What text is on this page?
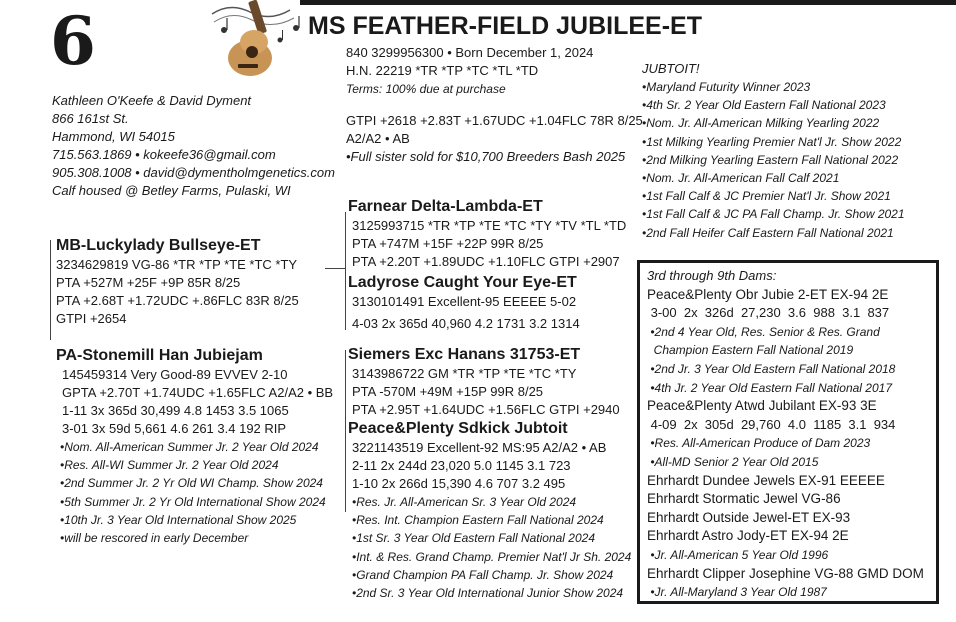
6	MS FEATHER-FIELD JUBILEE-ET
840 3299956300 • Born December 1, 2024
H.N. 22219 *TR *TP *TC *TL *TD
Terms: 100% due at purchase
GTPI +2618 +2.83T +1.67UDC +1.04FLC 78R 8/25
A2/A2 • AB
•Full sister sold for $10,700 Breeders Bash 2025
Kathleen O'Keefe & David Dyment
866 161st St.
Hammond, WI 54015
715.563.1869 • kokeefe36@gmail.com
905.308.1008 • david@dymentholmgenetics.com
Calf housed @ Betley Farms, Pulaski, WI
MB-Luckylady Bullseye-ET
3234629819 VG-86 *TR *TP *TE *TC *TY
PTA +527M +25F +9P 85R 8/25
PTA +2.68T +1.72UDC +.86FLC 83R 8/25
GTPI +2654
PA-Stonemill Han Jubiejam
145459314 Very Good-89 EVVEV 2-10
GPTA +2.70T +1.74UDC +1.65FLC A2/A2 • BB
1-11 3x 365d 30,499 4.8 1453 3.5 1065
3-01 3x 59d 5,661 4.6 261 3.4 192 RIP
•Nom. All-American Summer Jr. 2 Year Old 2024
•Res. All-WI Summer Jr. 2 Year Old 2024
•2nd Summer Jr. 2 Yr Old WI Champ. Show 2024
•5th Summer Jr. 2 Yr Old International Show 2024
•10th Jr. 3 Year Old International Show 2025
•will be rescored in early December
Farnear Delta-Lambda-ET
3125993715 *TR *TP *TE *TC *TY *TV *TL *TD
PTA +747M +15F +22P 99R 8/25
PTA +2.20T +1.89UDC +1.10FLC GTPI +2907
Ladyrose Caught Your Eye-ET
3130101491 Excellent-95 EEEEE 5-02
4-03 2x 365d 40,960 4.2 1731 3.2 1314
Siemers Exc Hanans 31753-ET
3143986722 GM *TR *TP *TE *TC *TY
PTA -570M +49M +15P 99R 8/25
PTA +2.95T +1.64UDC +1.56FLC GTPI +2940
Peace&Plenty Sdkick Jubtoit
3221143519 Excellent-92 MS:95 A2/A2 • AB
2-11 2x 244d 23,020 5.0 1145 3.1 723
1-10 2x 266d 15,390 4.6 707 3.2 495
•Res. Jr. All-American Sr. 3 Year Old 2024
•Res. Int. Champion Eastern Fall National 2024
•1st Sr. 3 Year Old Eastern Fall National 2024
•Int. & Res. Grand Champ. Premier Nat'l Jr Sh. 2024
•Grand Champion PA Fall Champ. Jr. Show 2024
•2nd Sr. 3 Year Old International Junior Show 2024
JUBTOIT!
•Maryland Futurity Winner 2023
•4th Sr. 2 Year Old Eastern Fall National 2023
•Nom. Jr. All-American Milking Yearling 2022
•1st Milking Yearling Premier Nat'l Jr. Show 2022
•2nd Milking Yearling Eastern Fall National 2022
•Nom. Jr. All-American Fall Calf 2021
•1st Fall Calf & JC Premier Nat'l Jr. Show 2021
•1st Fall Calf & JC PA Fall Champ. Jr. Show 2021
•2nd Fall Heifer Calf Eastern Fall National 2021
3rd through 9th Dams:
Peace&Plenty Obr Jubie 2-ET EX-94 2E
3-00  2x  326d  27,230  3.6  988  3.1  837
•2nd 4 Year Old, Res. Senior & Res. Grand
Champion Eastern Fall National 2019
•2nd Jr. 3 Year Old Eastern Fall National 2018
•4th Jr. 2 Year Old Eastern Fall National 2017
Peace&Plenty Atwd Jubilant EX-93 3E
4-09  2x  305d  29,760  4.0  1185  3.1  934
•Res. All-American Produce of Dam 2023
•All-MD Senior 2 Year Old 2015
Ehrhardt Dundee Jewels EX-91 EEEEE
Ehrhardt Stormatic Jewel VG-86
Ehrhardt Outside Jewel-ET EX-93
Ehrhardt Astro Jody-ET EX-94 2E
•Jr. All-American 5 Year Old 1996
Ehrhardt Clipper Josephine VG-88 GMD DOM
•Jr. All-Maryland 3 Year Old 1987
